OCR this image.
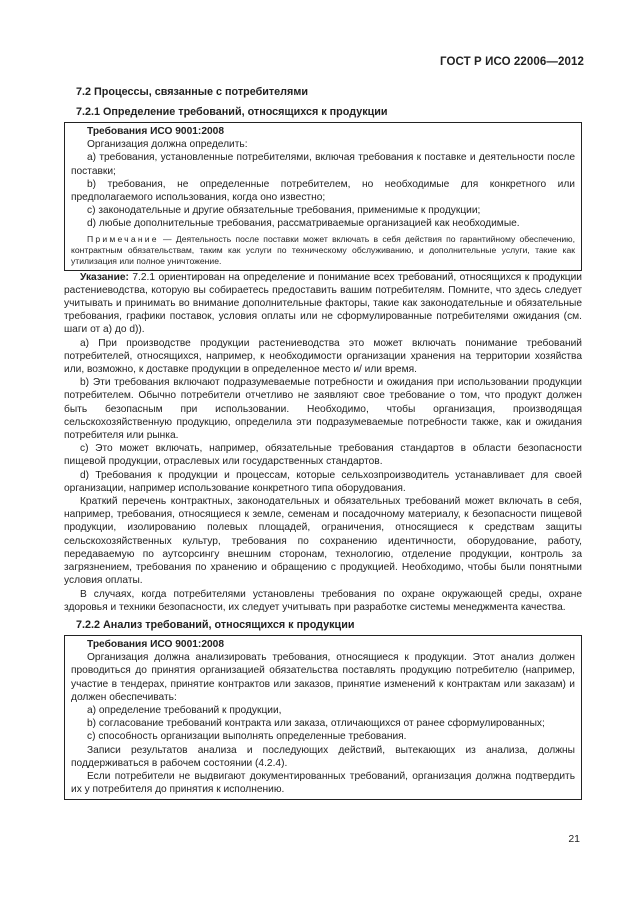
ГОСТ Р ИСО 22006—2012
7.2 Процессы, связанные с потребителями
7.2.1 Определение требований, относящихся к продукции
Требования ИСО 9001:2008

Организация должна определить:

a) требования, установленные потребителями, включая требования к поставке и деятельности после поставки;

b) требования, не определенные потребителем, но необходимые для конкретного или предполагаемого использования, когда оно известно;

c) законодательные и другие обязательные требования, применимые к продукции;

d) любые дополнительные требования, рассматриваемые организацией как необходимые.

Примечание — Деятельность после поставки может включать в себя действия по гарантийному обеспечению, контрактным обязательствам, таким как услуги по техническому обслуживанию, и дополнительные услуги, такие как утилизация или полное уничтожение.

Указание: 7.2.1 ориентирован на определение и понимание всех требований, относящихся к продукции растениеводства, которую вы собираетесь предоставить вашим потребителям. Помните, что здесь следует учитывать и принимать во внимание дополнительные факторы, такие как законодательные и обязательные требования, графики поставок, условия оплаты или не сформулированные потребителями ожидания (см. шаги от а) до d)).

a) При производстве продукции растениеводства это может включать понимание требований потребителей, относящихся, например, к необходимости организации хранения на территории хозяйства или, возможно, к доставке продукции в определенное место и/ или время.

b) Эти требования включают подразумеваемые потребности и ожидания при использовании продукции потребителем. Обычно потребители отчетливо не заявляют свое требование о том, что продукт должен быть безопасным при использовании. Необходимо, чтобы организация, производящая сельскохозяйственную продукцию, определила эти подразумеваемые потребности также, как и ожидания потребителя или рынка.

c) Это может включать, например, обязательные требования стандартов в области безопасности пищевой продукции, отраслевых или государственных стандартов.

d) Требования к продукции и процессам, которые сельхозпроизводитель устанавливает для своей организации, например использование конкретного типа оборудования.

Краткий перечень контрактных, законодательных и обязательных требований может включать в себя, например, требования, относящиеся к земле, семенам и посадочному материалу, к безопасности пищевой продукции, изолированию полевых площадей, ограничения, относящиеся к средствам защиты сельскохозяйственных культур, требования по сохранению идентичности, оборудование, работу, передаваемую по аутсорсингу внешним сторонам, технологию, отделение продукции, контроль за загрязнением, требования по хранению и обращению с продукцией. Необходимо, чтобы были понятными условия оплаты.

В случаях, когда потребителями установлены требования по охране окружающей среды, охране здоровья и техники безопасности, их следует учитывать при разработке системы менеджмента качества.

7.2.2 Анализ требований, относящихся к продукции
Требования ИСО 9001:2008

Организация должна анализировать требования, относящиеся к продукции. Этот анализ должен проводиться до принятия организацией обязательства поставлять продукцию потребителю (например, участие в тендерах, принятие контрактов или заказов, принятие изменений к контрактам или заказам) и должен обеспечивать:

a) определение требований к продукции,

b) согласование требований контракта или заказа, отличающихся от ранее сформулированных;

c) способность организации выполнять определенные требования.

Записи результатов анализа и последующих действий, вытекающих из анализа, должны поддерживаться в рабочем состоянии (4.2.4).

Если потребители не выдвигают документированных требований, организация должна подтвердить их у потребителя до принятия к исполнению.

21
